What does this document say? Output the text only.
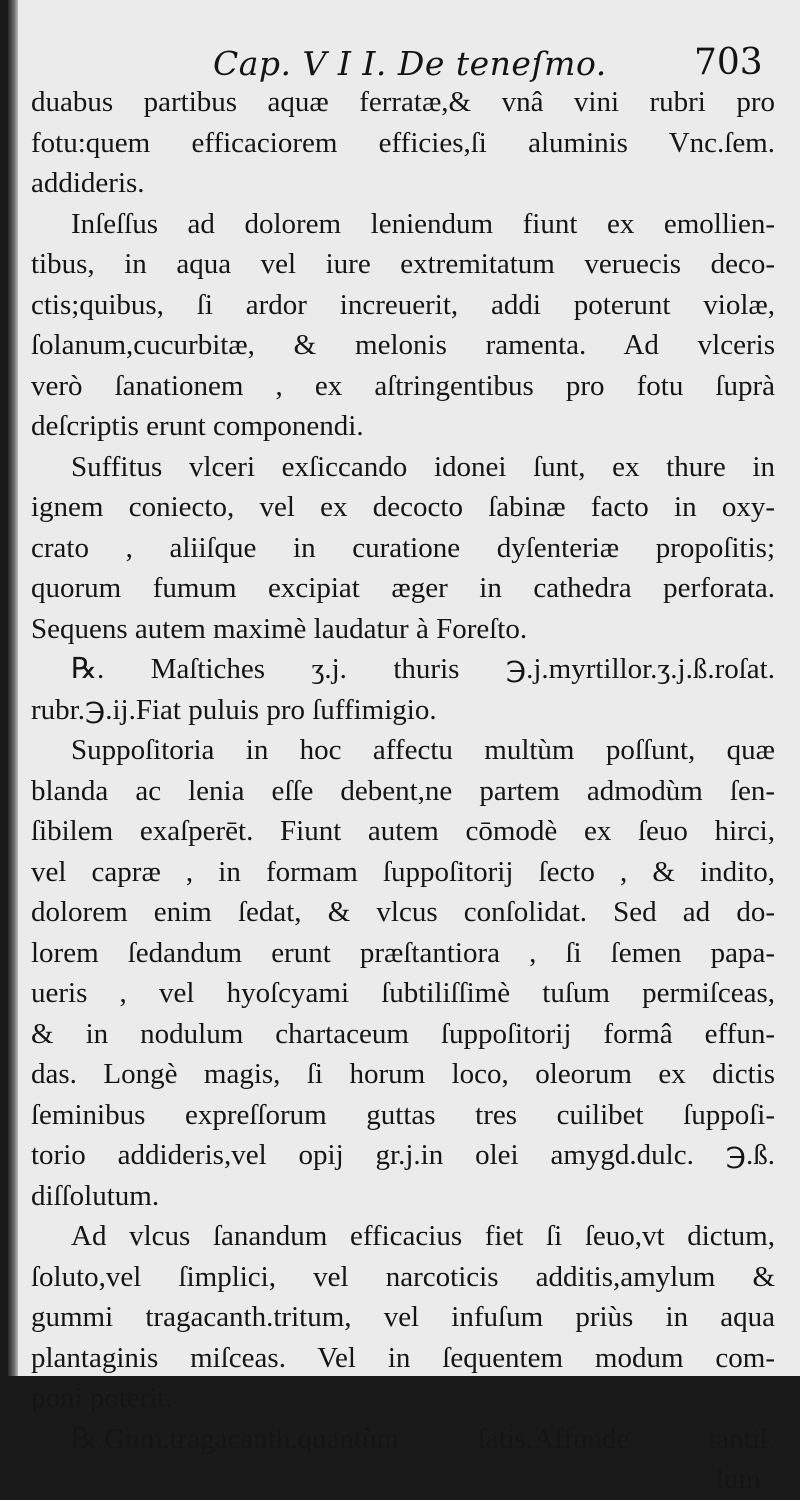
Cap. V I I. De teneſmo. 703
duabus partibus aquæ ferratæ,& vnâ vini rubri pro
fotu:quem efficaciorem efficies,ſi aluminis Vnc.ſem.
addideris.
Inſeſſus ad dolorem leniendum fiunt ex emollien-
tibus, in aqua vel iure extremitatum veruecis deco-
ctis;quibus, ſi ardor increuerit, addi poterunt violæ,
ſolanum,cucurbitæ, & melonis ramenta. Ad vlceris
verò ſanationem , ex aſtringentibus pro fotu ſuprà
deſcriptis erunt componendi.
Suffitus vlceri exſiccando idonei ſunt, ex thure in
ignem coniecto, vel ex decocto ſabinæ facto in oxy-
crato , aliiſque in curatione dyſenteriæ propoſitis;
quorum fumum excipiat æger in cathedra perforata.
Sequens autem maximè laudatur à Foreſto.
℞. Maſtiches ʒ.j. thuris ℈.j.myrtillor.ʒ.j.ß.roſat.
rubr.℈.ij.Fiat puluis pro ſuffimigio.
Suppoſitoria in hoc affectu multùm poſſunt, quæ
blanda ac lenia eſſe debent,ne partem admodùm ſen-
ſibilem exaſperēt. Fiunt autem cōmodè ex ſeuo hirci,
vel capræ , in formam ſuppoſitorij ſecto , & indito,
dolorem enim ſedat, & vlcus conſolidat. Sed ad do-
lorem ſedandum erunt præſtantiora , ſi ſemen papa-
ueris , vel hyoſcyami ſubtiliſſimè tuſum permiſceas,
& in nodulum chartaceum ſuppoſitorij formâ effun-
das. Longè magis, ſi horum loco, oleorum ex dictis
ſeminibus expreſſorum guttas tres cuilibet ſuppoſi-
torio addideris,vel opij gr.j.in olei amygd.dulc. ℈.ß.
diſſolutum.
Ad vlcus ſanandum efficacius fiet ſi ſeuo,vt dictum,
ſoluto,vel ſimplici, vel narcoticis additis,amylum &
gummi tragacanth.tritum, vel infuſum priùs in aqua
plantaginis miſceas. Vel in ſequentem modum com-
poni poterit.
℞.Gum.tragacanth.quantùm ſatis.Affunde tantil.
lum
